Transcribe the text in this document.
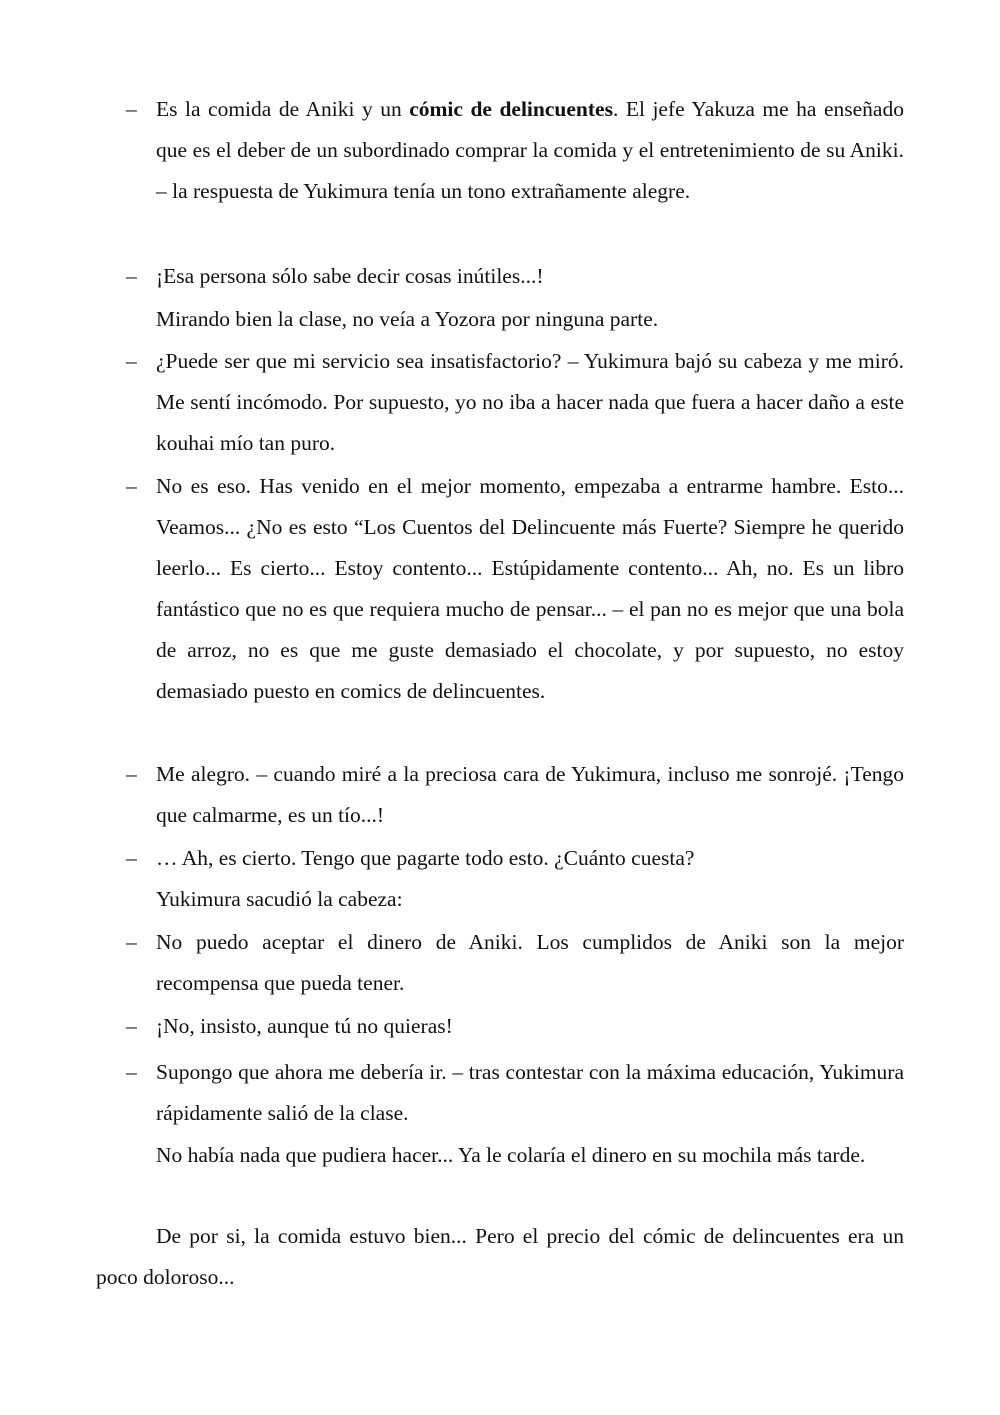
– Es la comida de Aniki y un cómic de delincuentes. El jefe Yakuza me ha enseñado que es el deber de un subordinado comprar la comida y el entretenimiento de su Aniki. – la respuesta de Yukimura tenía un tono extrañamente alegre.

– ¡Esa persona sólo sabe decir cosas inútiles...!

Mirando bien la clase, no veía a Yozora por ninguna parte.

– ¿Puede ser que mi servicio sea insatisfactorio? – Yukimura bajó su cabeza y me miró. Me sentí incómodo. Por supuesto, yo no iba a hacer nada que fuera a hacer daño a este kouhai mío tan puro.

– No es eso. Has venido en el mejor momento, empezaba a entrarme hambre. Esto... Veamos... ¿No es esto “Los Cuentos del Delincuente más Fuerte? Siempre he querido leerlo... Es cierto... Estoy contento... Estúpidamente contento... Ah, no. Es un libro fantástico que no es que requiera mucho de pensar... – el pan no es mejor que una bola de arroz, no es que me guste demasiado el chocolate, y por supuesto, no estoy demasiado puesto en comics de delincuentes.

– Me alegro. – cuando miré a la preciosa cara de Yukimura, incluso me sonrojé. ¡Tengo que calmarme, es un tío...!

– … Ah, es cierto. Tengo que pagarte todo esto. ¿Cuánto cuesta?

Yukimura sacudió la cabeza:

– No puedo aceptar el dinero de Aniki. Los cumplidos de Aniki son la mejor recompensa que pueda tener.

– ¡No, insisto, aunque tú no quieras!

– Supongo que ahora me debería ir. – tras contestar con la máxima educación, Yukimura rápidamente salió de la clase.

No había nada que pudiera hacer... Ya le colaría el dinero en su mochila más tarde.

De por si, la comida estuvo bien... Pero el precio del cómic de delincuentes era un poco doloroso...
